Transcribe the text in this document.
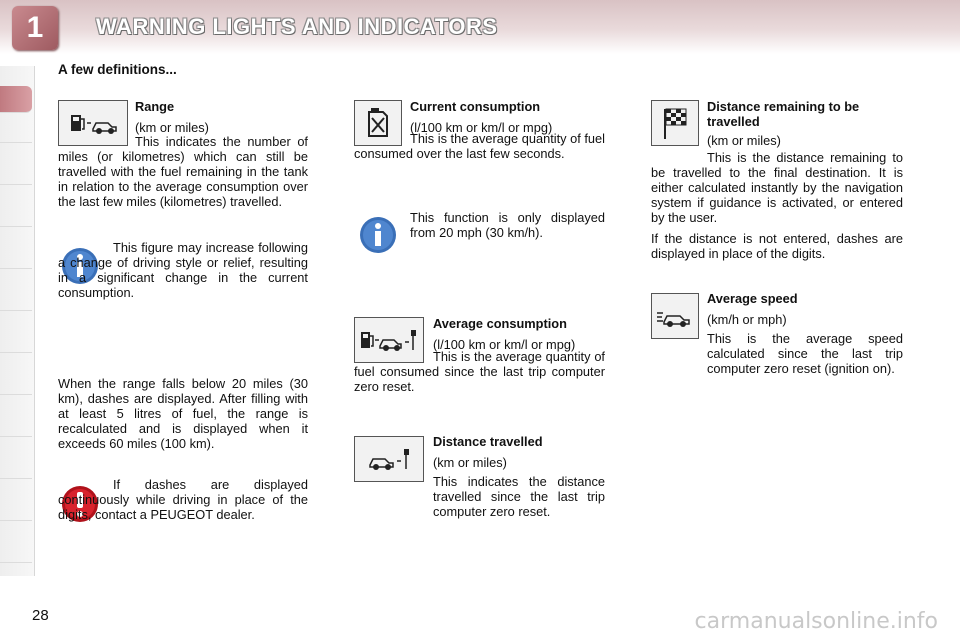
1	WARNING LIGHTS AND INDICATORS
A few definitions...

Range

(km or miles)

This indicates the number of miles (or kilometres) which can still be travelled with the fuel remaining in the tank in relation to the average consumption over the last few miles (kilometres) travelled.

This figure may increase following a change of driving style or relief, resulting in a significant change in the current consumption.

When the range falls below 20 miles (30 km), dashes are displayed. After filling with at least 5 litres of fuel, the range is recalculated and is displayed when it exceeds 60 miles (100 km).

If dashes are displayed continuously while driving in place of the digits, contact a PEUGEOT dealer.

Current consumption

(l/100 km or km/l or mpg)

This is the average quantity of fuel consumed over the last few seconds.

This function is only displayed from 20 mph (30 km/h).

Average consumption

(l/100 km or km/l or mpg)

This is the average quantity of fuel consumed since the last trip computer zero reset.

Distance travelled

(km or miles)

This indicates the distance travelled since the last trip computer zero reset.

Distance remaining to be travelled

(km or miles)

This is the distance remaining to be travelled to the final destination. It is either calculated instantly by the navigation system if guidance is activated, or entered by the user.

If the distance is not entered, dashes are displayed in place of the digits.

Average speed

(km/h or mph)

This is the average speed calculated since the last trip computer zero reset (ignition on).

28	carmanualsonline.info
